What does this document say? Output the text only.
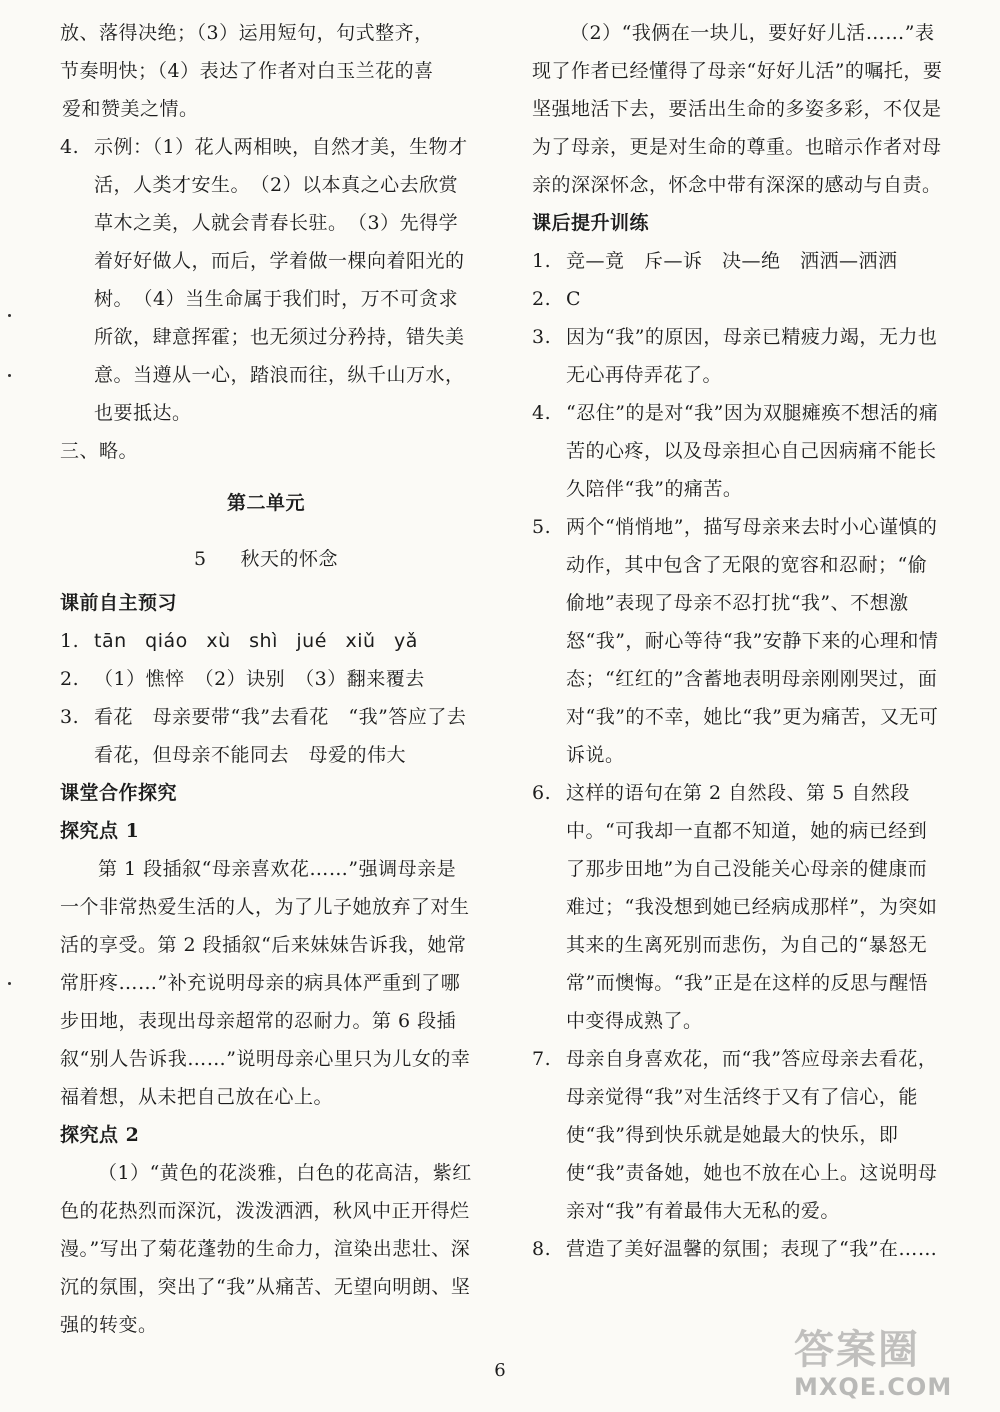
放、落得决绝；（3）运用短句，句式整齐，

节奏明快；（4）表达了作者对白玉兰花的喜

爱和赞美之情。

4. 示例：（1）花人两相映，自然才美，生物才活，人类才安生。　（2）以本真之心去欣赏草木之美，人就会青春长驻。　（3）先得学着好好做人，而后，学着做一棵向着阳光的树。　（4）当生命属于我们时，万不可贪求所欲，肆意挥霍；也无须过分矜持，错失美意。当遵从一心，踏浪而往，纵千山万水，也要抵达。

三、略。

第二单元

5 秋天的怀念

课前自主预习

1. tān qiáo xù shì jué xiǔ yǎ

2. （1）憔悴　（2）诀别　（3）翻来覆去

3. 看花　母亲要带“我”去看花　“我”答应了去看花，但母亲不能同去　母爱的伟大

课堂合作探究

探究点 1

第 1 段插叙“母亲喜欢花……”强调母亲是一个非常热爱生活的人，为了儿子她放弃了对生活的享受。第 2 段插叙“后来妹妹告诉我，她常常肝疼……”补充说明母亲的病具体严重到了哪步田地，表现出母亲超常的忍耐力。第 6 段插叙“别人告诉我……”说明母亲心里只为儿女的幸福着想，从未把自己放在心上。

探究点 2

（1）“黄色的花淡雅，白色的花高洁，紫红色的花热烈而深沉，泼泼洒洒，秋风中正开得烂漫。”写出了菊花蓬勃的生命力，渲染出悲壮、深沉的氛围，突出了“我”从痛苦、无望向明朗、坚强的转变。

（2）“我俩在一块儿，要好好儿活……”表现了作者已经懂得了母亲“好好儿活”的嘱托，要坚强地活下去，要活出生命的多姿多彩，不仅是为了母亲，更是对生命的尊重。也暗示作者对母亲的深深怀念，怀念中带有深深的感动与自责。

课后提升训练

1. 竞—竟　斥—诉　决—绝　洒洒—洒洒

2. C

3. 因为“我”的原因，母亲已精疲力竭，无力也无心再侍弄花了。

4. “忍住”的是对“我”因为双腿瘫痪不想活的痛苦的心疼，以及母亲担心自己因病痛不能长久陪伴“我”的痛苦。

5. 两个“悄悄地”，描写母亲来去时小心谨慎的动作，其中包含了无限的宽容和忍耐；“偷偷地”表现了母亲不忍打扰“我”、不想激怒“我”，耐心等待“我”安静下来的心理和情态；“红红的”含蓄地表明母亲刚刚哭过，面对“我”的不幸，她比“我”更为痛苦，又无可诉说。

6. 这样的语句在第 2 自然段、第 5 自然段中。“可我却一直都不知道，她的病已经到了那步田地”为自己没能关心母亲的健康而难过；“我没想到她已经病成那样”，为突如其来的生离死别而悲伤，为自己的“暴怒无常”而懊悔。“我”正是在这样的反思与醒悟中变得成熟了。

7. 母亲自身喜欢花，而“我”答应母亲去看花，母亲觉得“我”对生活终于又有了信心，能使“我”得到快乐就是她最大的快乐，即使“我”责备她，她也不放在心上。这说明母亲对“我”有着最伟大无私的爱。

8. 营造了美好温馨的氛围；表现了“我”在……

6	答案圈
MXQE.COM
